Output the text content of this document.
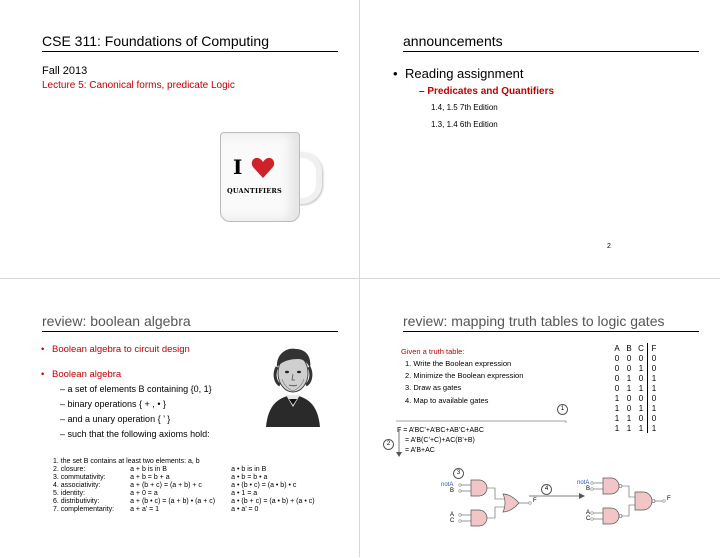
CSE 311: Foundations of Computing
Fall 2013
Lecture 5: Canonical forms, predicate Logic
I
QUANTIFIERS
announcements
• Reading assignment
– Predicates and Quantifiers
1.4, 1.5 7th Edition
1.3, 1.4 6th Edition
2
review: boolean algebra
Boolean algebra to circuit design
Boolean algebra
– a set of elements B containing {0, 1}
– binary operations { + , • }
– and a unary operation { ’ }
– such that the following axioms hold:
1. the set B contains at least two elements: a, b
2. closure:	a + b is in B	a • b is in B
3. commutativity:	a + b = b + a	a • b = b • a
4. associativity:	a + (b + c) = (a + b) + c	a • (b • c) = (a • b) • c
5. identity:	a + 0 = a	a • 1 = a
6. distributivity:	a + (b • c) = (a + b) • (a + c)	a • (b + c) = (a • b) + (a • c)
7. complementarity:	a + a’ = 1	a • a’ = 0
review: mapping truth tables to logic gates
Given a truth table:
1. Write the Boolean expression
2. Minimize the Boolean expression
3. Draw as gates
4. Map to available gates
A	B	C	F
0	0	0	0
0	0	1	0
0	1	0	1
0	1	1	1
1	0	0	0
1	0	1	1
1	1	0	0
1	1	1	1
1
F = A’BC’+A’BC+AB’C+ABC
= A’B(C’+C)+AC(B’+B)
= A’B+AC
2
3
4
notA
B
A
C
F
notA
B
A
C
F
